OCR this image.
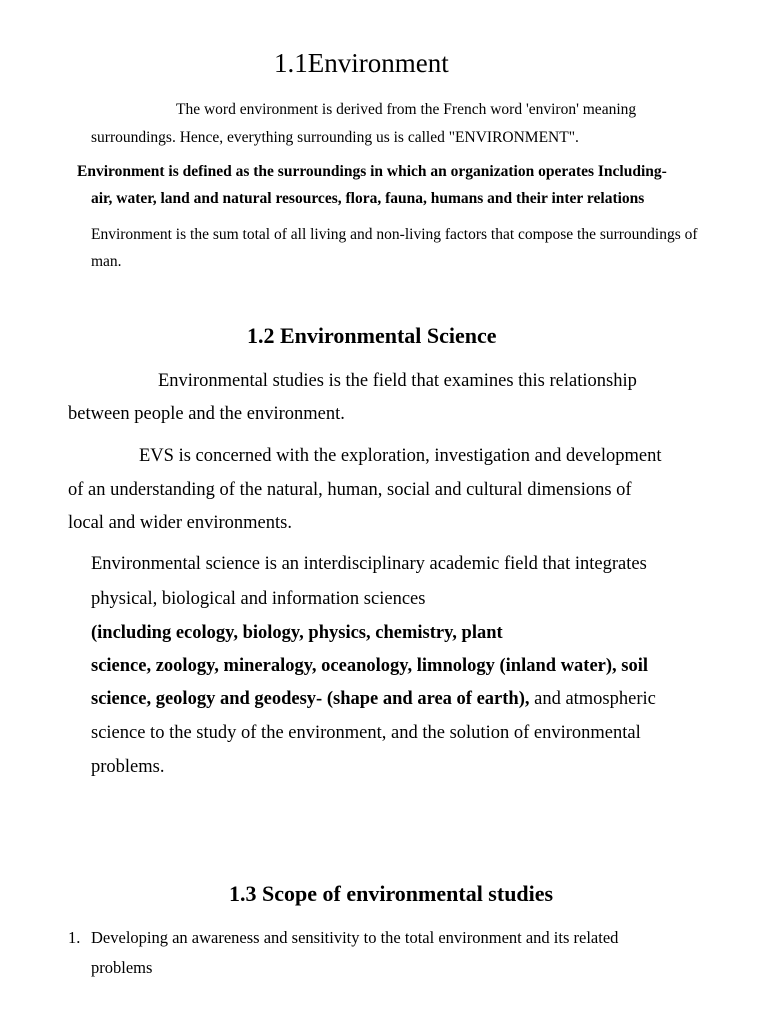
1.1Environment
The word environment is derived from the French word 'environ' meaning
surroundings. Hence, everything surrounding us is called "ENVIRONMENT".
Environment is defined as the surroundings in which an organization operates Including-
air, water, land and natural resources, flora, fauna, humans and their inter relations
Environment is the sum total of all living and non-living factors that compose the surroundings of
man.
1.2 Environmental Science
Environmental studies is the field that examines this relationship
between people and the environment.
EVS is concerned with the exploration, investigation and development
of an understanding of the natural, human, social and cultural dimensions of
local and wider environments.
Environmental science is an interdisciplinary academic field that integrates
physical, biological and information sciences
(including ecology, biology, physics, chemistry, plant
science, zoology, mineralogy, oceanology, limnology (inland water), soil
science, geology and geodesy- (shape and area of earth), and atmospheric
science to the study of the environment, and the solution of environmental
problems.
1.3 Scope of environmental studies
1. Developing an awareness and sensitivity to the total environment and its related
problems
